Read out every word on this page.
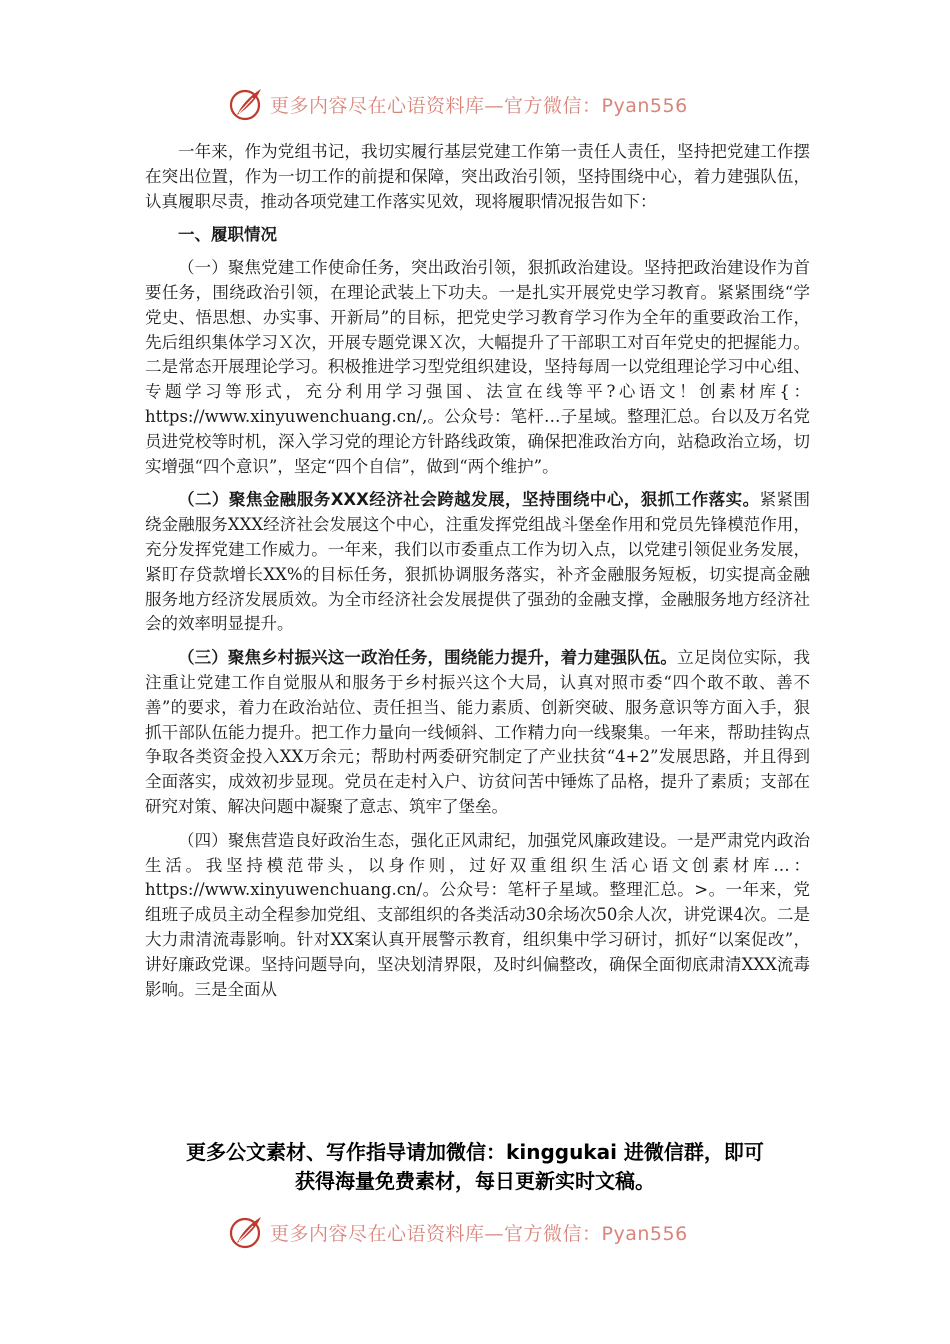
更多内容尽在心语资料库—官方微信：Pyan556

一年来，作为党组书记，我切实履行基层党建工作第一责任人责任，坚持把党建工作摆在突出位置，作为一切工作的前提和保障，突出政治引领，坚持围绕中心，着力建强队伍，认真履职尽责，推动各项党建工作落实见效，现将履职情况报告如下：

一、履职情况

（一）聚焦党建工作使命任务，突出政治引领，狠抓政治建设。坚持把政治建设作为首要任务，围绕政治引领，在理论武装上下功夫。一是扎实开展党史学习教育。紧紧围绕“学党史、悟思想、办实事、开新局”的目标，把党史学习教育学习作为全年的重要政治工作，先后组织集体学习Ｘ次，开展专题党课Ｘ次，大幅提升了干部职工对百年党史的把握能力。二是常态开展理论学习。积极推进学习型党组织建设，坚持每周一以党组理论学习中心组、专题学习等形式，充分利用学习强国、法宣在线等平?心语文！创素材库{：https://www.xinyuwenchuang.cn/,。公众号：笔杆…子星域。整理汇总。台以及万名党员进党校等时机，深入学习党的理论方针路线政策，确保把准政治方向，站稳政治立场，切实增强“四个意识”，坚定“四个自信”，做到“两个维护”。

（二）聚焦金融服务XXX经济社会跨越发展，坚持围绕中心，狠抓工作落实。紧紧围绕金融服务XXX经济社会发展这个中心，注重发挥党组战斗堡垒作用和党员先锋模范作用，充分发挥党建工作威力。一年来，我们以市委重点工作为切入点，以党建引领促业务发展，紧盯存贷款增长XX%的目标任务，狠抓协调服务落实，补齐金融服务短板，切实提高金融服务地方经济发展质效。为全市经济社会发展提供了强劲的金融支撑，金融服务地方经济社会的效率明显提升。

（三）聚焦乡村振兴这一政治任务，围绕能力提升，着力建强队伍。立足岗位实际，我注重让党建工作自觉服从和服务于乡村振兴这个大局，认真对照市委“四个敢不敢、善不善”的要求，着力在政治站位、责任担当、能力素质、创新突破、服务意识等方面入手，狠抓干部队伍能力提升。把工作力量向一线倾斜、工作精力向一线聚集。一年来，帮助挂钩点争取各类资金投入XX万余元；帮助村两委研究制定了产业扶贫“4+2”发展思路，并且得到全面落实，成效初步显现。党员在走村入户、访贫问苦中锤炼了品格，提升了素质；支部在研究对策、解决问题中凝聚了意志、筑牢了堡垒。

（四）聚焦营造良好政治生态，强化正风肃纪，加强党风廉政建设。一是严肃党内政治生活。我坚持模范带头，以身作则，过好双重组织生活心语文创素材库…：https://www.xinyuwenchuang.cn/。公众号：笔杆子星域。整理汇总。>。一年来，党组班子成员主动全程参加党组、支部组织的各类活动30余场次50余人次，讲党课4次。二是大力肃清流毒影响。针对XX案认真开展警示教育，组织集中学习研讨，抓好“以案促改”，讲好廉政党课。坚持问题导向，坚决划清界限，及时纠偏整改，确保全面彻底肃清XXX流毒影响。三是全面从

更多公文素材、写作指导请加微信：kinggukai 进微信群，即可
获得海量免费素材，每日更新实时文稿。
更多内容尽在心语资料库—官方微信：Pyan556
